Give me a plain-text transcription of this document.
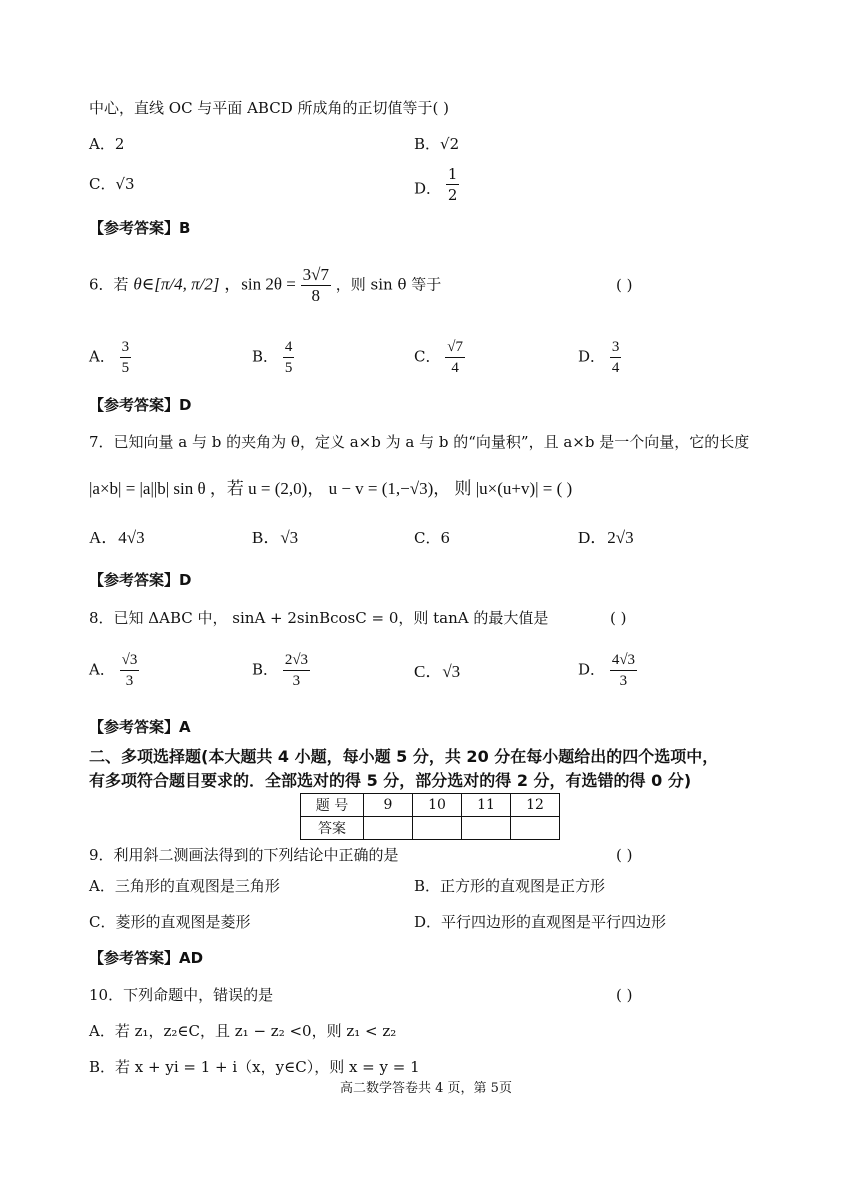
中心，直线 OC 与平面 ABCD 所成角的正切值等于( )
A．2	B．√2
C．√3	D． $\frac{1}{2}$
【参考答案】B
6．若 θ∈[π/4, π/2] ，$\sin 2\theta = \frac{3√7}{8}$ ，则 sin θ 等于	( )
A． $\frac{3}{5}$	B． $\frac{4}{5}$	C． $\frac{√7}{4}$	D． $\frac{3}{4}$
【参考答案】D
7．已知向量 a 与 b 的夹角为 θ，定义 a×b 为 a 与 b 的“向量积”，且 a×b 是一个向量，它的长度
|a×b| = |a||b| sin θ ，若 u = (2,0)， u − v = (1,−√3)， 则 |u×(u+v)| = ( )
A．4√3	B．√3	C．6	D．2√3
【参考答案】D
8．已知 ΔABC 中， sinA + 2sinBcosC = 0，则 tanA 的最大值是	( )
A． $\frac{√3}{3}$	B． $\frac{2√3}{3}$	C．√3	D． $\frac{4√3}{3}$
【参考答案】A
二、多项选择题(本大题共 4 小题，每小题 5 分，共 20 分在每小题给出的四个选项中，
有多项符合题目要求的．全部选对的得 5 分，部分选对的得 2 分，有选错的得 0 分)
题 号	9	10	11	12
答案				
9．利用斜二测画法得到的下列结论中正确的是	( )
A．三角形的直观图是三角形	B．正方形的直观图是正方形
C．菱形的直观图是菱形	D．平行四边形的直观图是平行四边形
【参考答案】AD
10．下列命题中，错误的是	( )
A．若 z₁，z₂∈C，且 z₁ − z₂ <0，则 z₁ < z₂
B．若 x + yi = 1 + i（x，y∈C），则 x = y = 1
高二数学答卷共 4 页，第 5页
